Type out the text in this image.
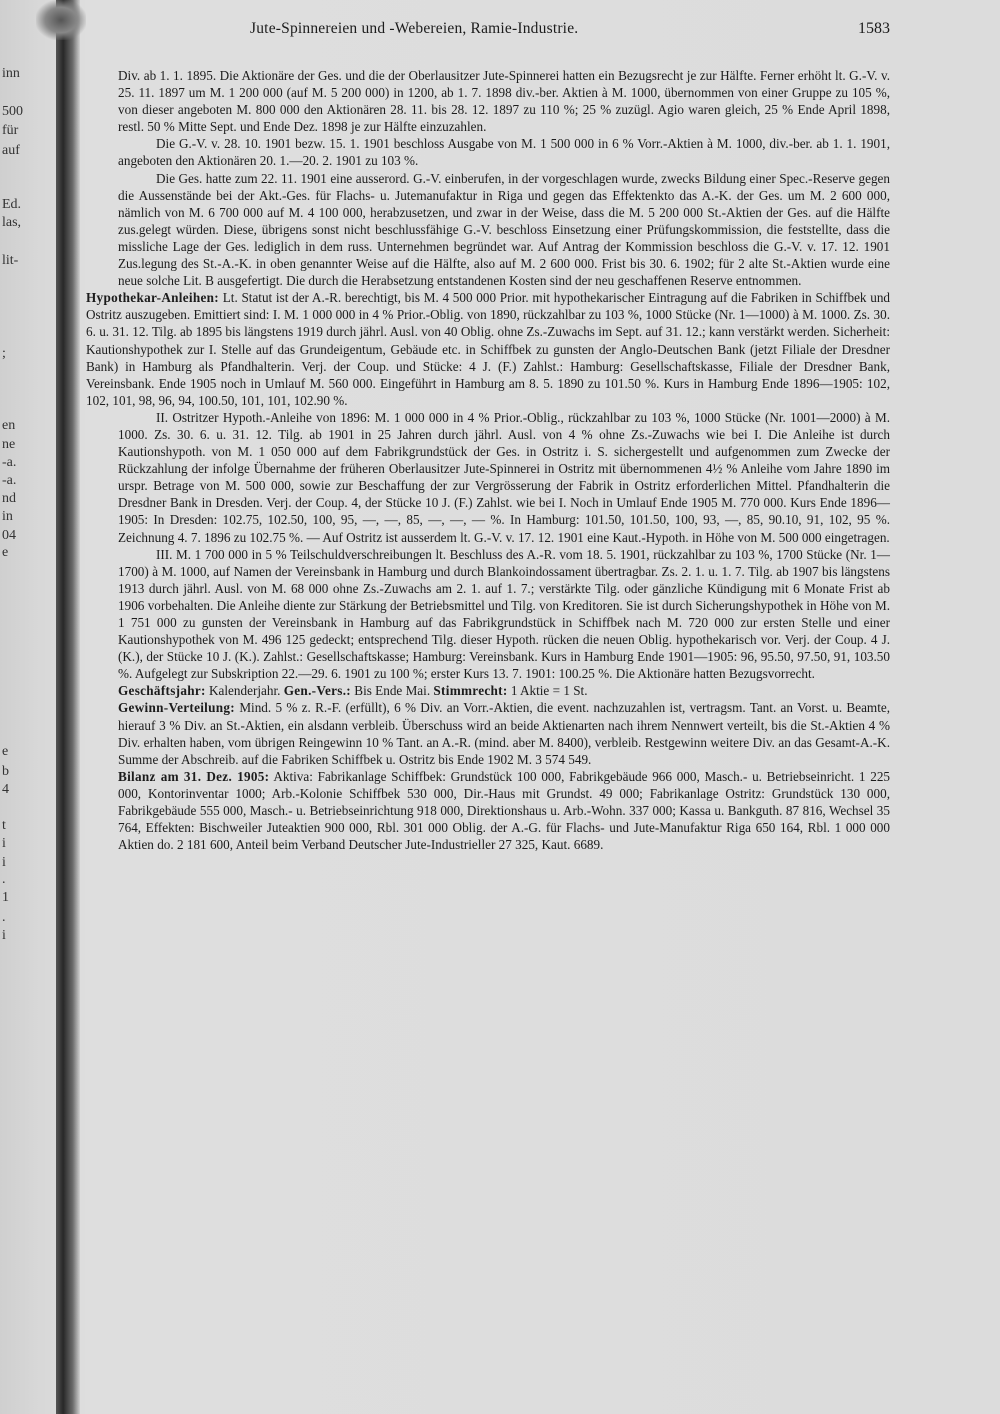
inn
500
für
auf
Ed.
las,
lit-
;
en
ne
-a.
-a.
nd
in
04
e
e
b
4
t
i
i
.
1
.
i
Jute-Spinnereien und -Webereien, Ramie-Industrie.	1583

Div. ab 1. 1. 1895. Die Aktionäre der Ges. und die der Oberlausitzer Jute-Spinnerei hatten ein Bezugsrecht je zur Hälfte. Ferner erhöht lt. G.-V. v. 25. 11. 1897 um M. 1 200 000 (auf M. 5 200 000) in 1200, ab 1. 7. 1898 div.-ber. Aktien à M. 1000, übernommen von einer Gruppe zu 105 %, von dieser angeboten M. 800 000 den Aktionären 28. 11. bis 28. 12. 1897 zu 110 %; 25 % zuzügl. Agio waren gleich, 25 % Ende April 1898, restl. 50 % Mitte Sept. und Ende Dez. 1898 je zur Hälfte einzuzahlen.

Die G.-V. v. 28. 10. 1901 bezw. 15. 1. 1901 beschloss Ausgabe von M. 1 500 000 in 6 % Vorr.-Aktien à M. 1000, div.-ber. ab 1. 1. 1901, angeboten den Aktionären 20. 1.—20. 2. 1901 zu 103 %.

Die Ges. hatte zum 22. 11. 1901 eine ausserord. G.-V. einberufen, in der vorgeschlagen wurde, zwecks Bildung einer Spec.-Reserve gegen die Aussenstände bei der Akt.-Ges. für Flachs- u. Jutemanufaktur in Riga und gegen das Effektenkto das A.-K. der Ges. um M. 2 600 000, nämlich von M. 6 700 000 auf M. 4 100 000, herabzusetzen, und zwar in der Weise, dass die M. 5 200 000 St.-Aktien der Ges. auf die Hälfte zus.gelegt würden. Diese, übrigens sonst nicht beschlussfähige G.-V. beschloss Einsetzung einer Prüfungskommission, die feststellte, dass die missliche Lage der Ges. lediglich in dem russ. Unternehmen begründet war. Auf Antrag der Kommission beschloss die G.-V. v. 17. 12. 1901 Zus.legung des St.-A.-K. in oben genannter Weise auf die Hälfte, also auf M. 2 600 000. Frist bis 30. 6. 1902; für 2 alte St.-Aktien wurde eine neue solche Lit. B ausgefertigt. Die durch die Herabsetzung entstandenen Kosten sind der neu geschaffenen Reserve entnommen.

Hypothekar-Anleihen: Lt. Statut ist der A.-R. berechtigt, bis M. 4 500 000 Prior. mit hypothekarischer Eintragung auf die Fabriken in Schiffbek und Ostritz auszugeben. Emittiert sind: I. M. 1 000 000 in 4 % Prior.-Oblig. von 1890, rückzahlbar zu 103 %, 1000 Stücke (Nr. 1—1000) à M. 1000. Zs. 30. 6. u. 31. 12. Tilg. ab 1895 bis längstens 1919 durch jährl. Ausl. von 40 Oblig. ohne Zs.-Zuwachs im Sept. auf 31. 12.; kann verstärkt werden. Sicherheit: Kautionshypothek zur I. Stelle auf das Grundeigentum, Gebäude etc. in Schiffbek zu gunsten der Anglo-Deutschen Bank (jetzt Filiale der Dresdner Bank) in Hamburg als Pfandhalterin. Verj. der Coup. und Stücke: 4 J. (F.) Zahlst.: Hamburg: Gesellschaftskasse, Filiale der Dresdner Bank, Vereinsbank. Ende 1905 noch in Umlauf M. 560 000. Eingeführt in Hamburg am 8. 5. 1890 zu 101.50 %. Kurs in Hamburg Ende 1896—1905: 102, 102, 101, 98, 96, 94, 100.50, 101, 101, 102.90 %.

II. Ostritzer Hypoth.-Anleihe von 1896: M. 1 000 000 in 4 % Prior.-Oblig., rückzahlbar zu 103 %, 1000 Stücke (Nr. 1001—2000) à M. 1000. Zs. 30. 6. u. 31. 12. Tilg. ab 1901 in 25 Jahren durch jährl. Ausl. von 4 % ohne Zs.-Zuwachs wie bei I. Die Anleihe ist durch Kautionshypoth. von M. 1 050 000 auf dem Fabrikgrundstück der Ges. in Ostritz i. S. sichergestellt und aufgenommen zum Zwecke der Rückzahlung der infolge Übernahme der früheren Oberlausitzer Jute-Spinnerei in Ostritz mit übernommenen 4½ % Anleihe vom Jahre 1890 im urspr. Betrage von M. 500 000, sowie zur Beschaffung der zur Vergrösserung der Fabrik in Ostritz erforderlichen Mittel. Pfandhalterin die Dresdner Bank in Dresden. Verj. der Coup. 4, der Stücke 10 J. (F.) Zahlst. wie bei I. Noch in Umlauf Ende 1905 M. 770 000. Kurs Ende 1896—1905: In Dresden: 102.75, 102.50, 100, 95, —, —, 85, —, —, — %. In Hamburg: 101.50, 101.50, 100, 93, —, 85, 90.10, 91, 102, 95 %. Zeichnung 4. 7. 1896 zu 102.75 %. — Auf Ostritz ist ausserdem lt. G.-V. v. 17. 12. 1901 eine Kaut.-Hypoth. in Höhe von M. 500 000 eingetragen.

III. M. 1 700 000 in 5 % Teilschuldverschreibungen lt. Beschluss des A.-R. vom 18. 5. 1901, rückzahlbar zu 103 %, 1700 Stücke (Nr. 1—1700) à M. 1000, auf Namen der Vereinsbank in Hamburg und durch Blankoindossament übertragbar. Zs. 2. 1. u. 1. 7. Tilg. ab 1907 bis längstens 1913 durch jährl. Ausl. von M. 68 000 ohne Zs.-Zuwachs am 2. 1. auf 1. 7.; verstärkte Tilg. oder gänzliche Kündigung mit 6 Monate Frist ab 1906 vorbehalten. Die Anleihe diente zur Stärkung der Betriebsmittel und Tilg. von Kreditoren. Sie ist durch Sicherungshypothek in Höhe von M. 1 751 000 zu gunsten der Vereinsbank in Hamburg auf das Fabrikgrundstück in Schiffbek nach M. 720 000 zur ersten Stelle und einer Kautionshypothek von M. 496 125 gedeckt; entsprechend Tilg. dieser Hypoth. rücken die neuen Oblig. hypothekarisch vor. Verj. der Coup. 4 J. (K.), der Stücke 10 J. (K.). Zahlst.: Gesellschaftskasse; Hamburg: Vereinsbank. Kurs in Hamburg Ende 1901—1905: 96, 95.50, 97.50, 91, 103.50 %. Aufgelegt zur Subskription 22.—29. 6. 1901 zu 100 %; erster Kurs 13. 7. 1901: 100.25 %. Die Aktionäre hatten Bezugsvorrecht.

Geschäftsjahr: Kalenderjahr. Gen.-Vers.: Bis Ende Mai. Stimmrecht: 1 Aktie = 1 St.

Gewinn-Verteilung: Mind. 5 % z. R.-F. (erfüllt), 6 % Div. an Vorr.-Aktien, die event. nachzuzahlen ist, vertragsm. Tant. an Vorst. u. Beamte, hierauf 3 % Div. an St.-Aktien, ein alsdann verbleib. Überschuss wird an beide Aktienarten nach ihrem Nennwert verteilt, bis die St.-Aktien 4 % Div. erhalten haben, vom übrigen Reingewinn 10 % Tant. an A.-R. (mind. aber M. 8400), verbleib. Restgewinn weitere Div. an das Gesamt-A.-K. Summe der Abschreib. auf die Fabriken Schiffbek u. Ostritz bis Ende 1902 M. 3 574 549.

Bilanz am 31. Dez. 1905: Aktiva: Fabrikanlage Schiffbek: Grundstück 100 000, Fabrikgebäude 966 000, Masch.- u. Betriebseinricht. 1 225 000, Kontorinventar 1000; Arb.-Kolonie Schiffbek 530 000, Dir.-Haus mit Grundst. 49 000; Fabrikanlage Ostritz: Grundstück 130 000, Fabrikgebäude 555 000, Masch.- u. Betriebseinrichtung 918 000, Direktionshaus u. Arb.-Wohn. 337 000; Kassa u. Bankguth. 87 816, Wechsel 35 764, Effekten: Bischweiler Juteaktien 900 000, Rbl. 301 000 Oblig. der A.-G. für Flachs- und Jute-Manufaktur Riga 650 164, Rbl. 1 000 000 Aktien do. 2 181 600, Anteil beim Verband Deutscher Jute-Industrieller 27 325, Kaut. 6689.
